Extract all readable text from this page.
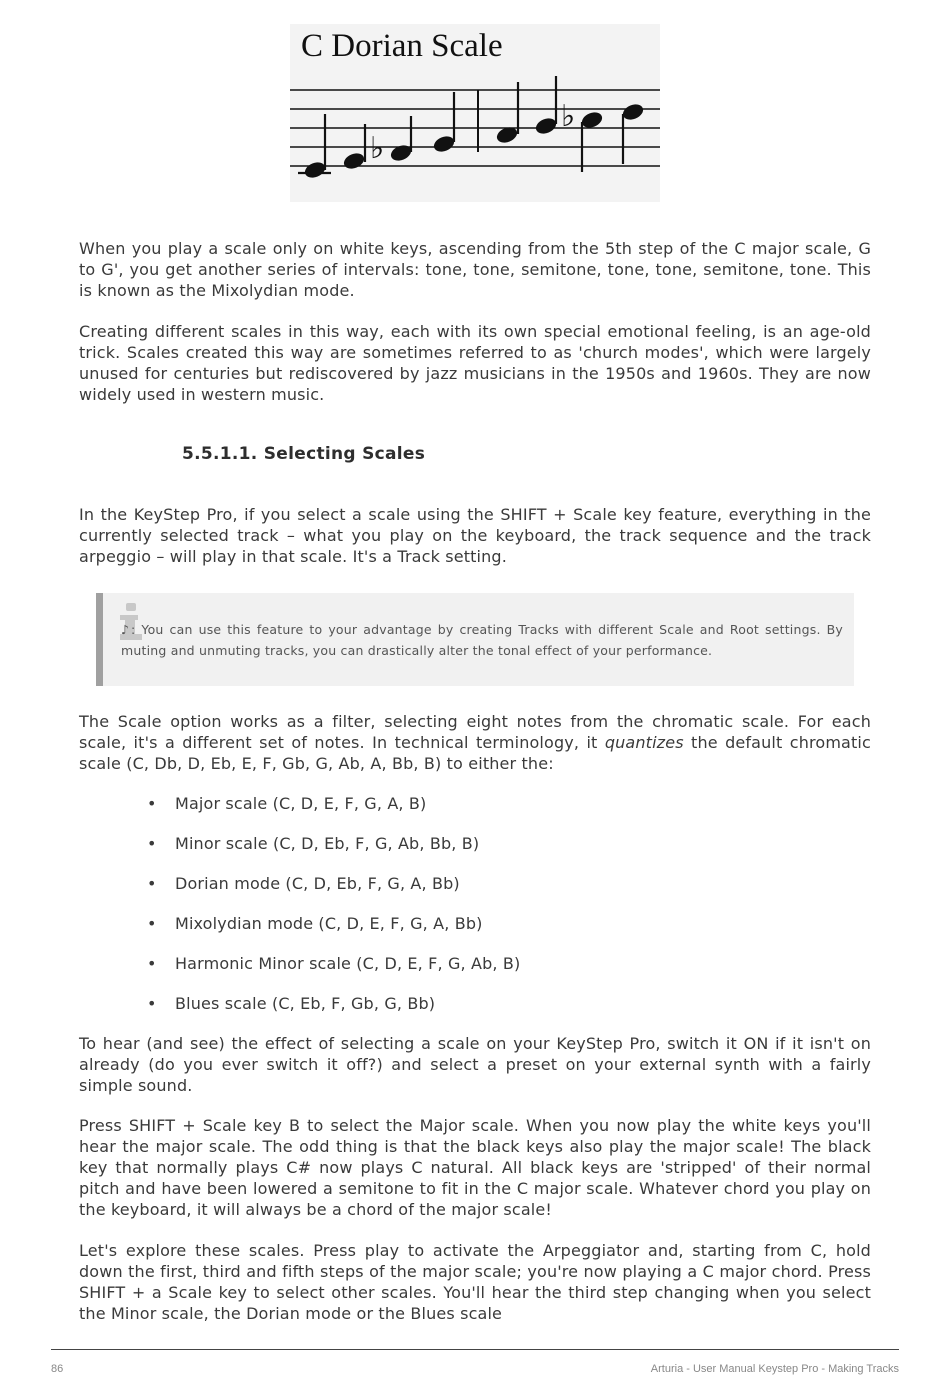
C Dorian Scale
♭
♭

When you play a scale only on white keys, ascending from the 5th step of the C major scale, G to G', you get another series of intervals: tone, tone, semitone, tone, tone, semitone, tone. This is known as the Mixolydian mode.

Creating different scales in this way, each with its own special emotional feeling, is an age-old trick. Scales created this way are sometimes referred to as 'church modes', which were largely unused for centuries but rediscovered by jazz musicians in the 1950s and 1960s. They are now widely used in western music.

5.5.1.1. Selecting Scales

In the KeyStep Pro, if you select a scale using the SHIFT + Scale key feature, everything in the currently selected track – what you play on the keyboard, the track sequence and the track arpeggio – will play in that scale. It's a Track setting.

♪: You can use this feature to your advantage by creating Tracks with different Scale and Root settings. By muting and unmuting tracks, you can drastically alter the tonal effect of your performance.

The Scale option works as a filter, selecting eight notes from the chromatic scale. For each scale, it's a different set of notes. In technical terminology, it quantizes the default chromatic scale (C, Db, D, Eb, E, F, Gb, G, Ab, A, Bb, B) to either the:

• Major scale (C, D, E, F, G, A, B)
• Minor scale (C, D, Eb, F, G, Ab, Bb, B)
• Dorian mode (C, D, Eb, F, G, A, Bb)
• Mixolydian mode (C, D, E, F, G, A, Bb)
• Harmonic Minor scale (C, D, E, F, G, Ab, B)
• Blues scale (C, Eb, F, Gb, G, Bb)

To hear (and see) the effect of selecting a scale on your KeyStep Pro, switch it ON if it isn't on already (do you ever switch it off?) and select a preset on your external synth with a fairly simple sound.

Press SHIFT + Scale key B to select the Major scale. When you now play the white keys you'll hear the major scale. The odd thing is that the black keys also play the major scale! The black key that normally plays C# now plays C natural. All black keys are 'stripped' of their normal pitch and have been lowered a semitone to fit in the C major scale. Whatever chord you play on the keyboard, it will always be a chord of the major scale!

Let's explore these scales. Press play to activate the Arpeggiator and, starting from C, hold down the first, third and fifth steps of the major scale; you're now playing a C major chord. Press SHIFT + a Scale key to select other scales. You'll hear the third step changing when you select the Minor scale, the Dorian mode or the Blues scale

86	Arturia - User Manual Keystep Pro - Making Tracks
